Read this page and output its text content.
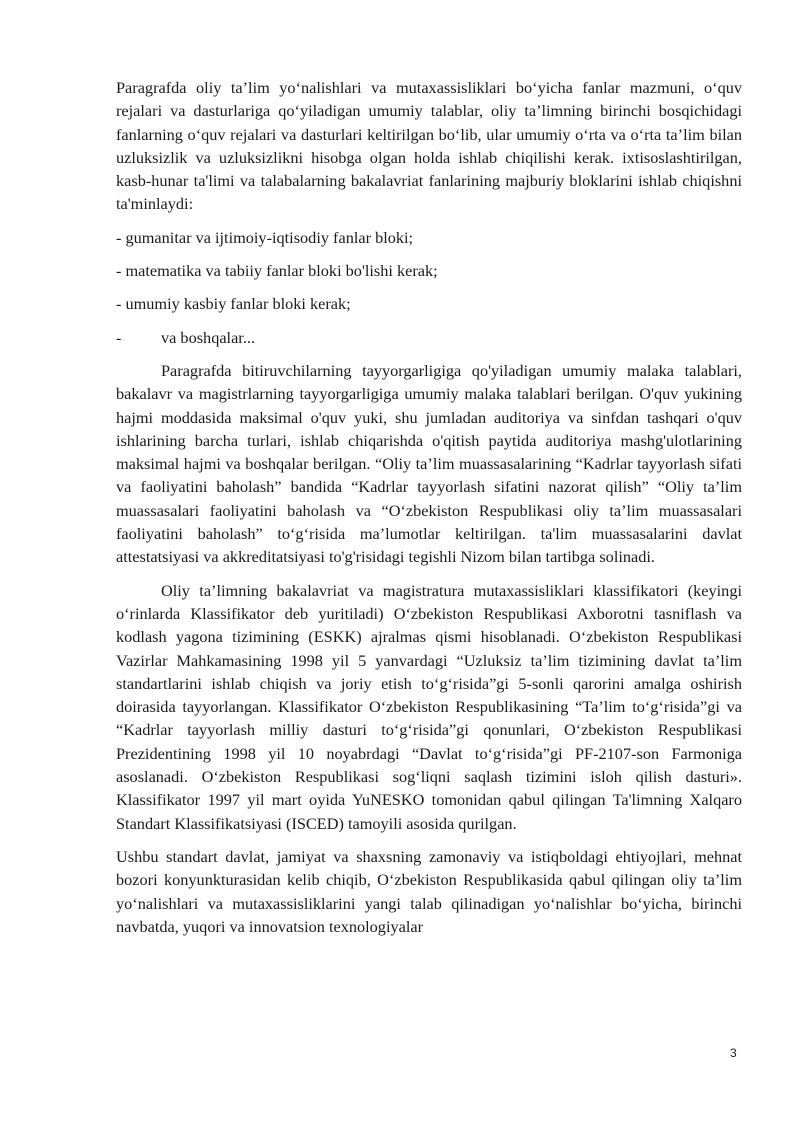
Paragrafda oliy ta’lim yo‘nalishlari va mutaxassisliklari bo‘yicha fanlar mazmuni, o‘quv rejalari va dasturlariga qo‘yiladigan umumiy talablar, oliy ta’limning birinchi bosqichidagi fanlarning o‘quv rejalari va dasturlari keltirilgan bo‘lib, ular umumiy o‘rta va o‘rta ta’lim bilan uzluksizlik va uzluksizlikni hisobga olgan holda ishlab chiqilishi kerak. ixtisoslashtirilgan, kasb-hunar ta'limi va talabalarning bakalavriat fanlarining majburiy bloklarini ishlab chiqishni ta'minlaydi:

- gumanitar va ijtimoiy-iqtisodiy fanlar bloki;
- matematika va tabiiy fanlar bloki bo'lishi kerak;
- umumiy kasbiy fanlar bloki kerak;
- va boshqalar...

Paragrafda bitiruvchilarning tayyorgarligiga qo'yiladigan umumiy malaka talablari, bakalavr va magistrlarning tayyorgarligiga umumiy malaka talablari berilgan. O'quv yukining hajmi moddasida maksimal o'quv yuki, shu jumladan auditoriya va sinfdan tashqari o'quv ishlarining barcha turlari, ishlab chiqarishda o'qitish paytida auditoriya mashg'ulotlarining maksimal hajmi va boshqalar berilgan. “Oliy ta’lim muassasalarining “Kadrlar tayyorlash sifati va faoliyatini baholash” bandida “Kadrlar tayyorlash sifatini nazorat qilish” “Oliy ta’lim muassasalari faoliyatini baholash va “O‘zbekiston Respublikasi oliy ta’lim muassasalari faoliyatini baholash” to‘g‘risida ma’lumotlar keltirilgan. ta'lim muassasalarini davlat attestatsiyasi va akkreditatsiyasi to'g'risidagi tegishli Nizom bilan tartibga solinadi.

Oliy ta’limning bakalavriat va magistratura mutaxassisliklari klassifikatori (keyingi o‘rinlarda Klassifikator deb yuritiladi) O‘zbekiston Respublikasi Axborotni tasniflash va kodlash yagona tizimining (ESKK) ajralmas qismi hisoblanadi. O‘zbekiston Respublikasi Vazirlar Mahkamasining 1998 yil 5 yanvardagi “Uzluksiz ta’lim tizimining davlat ta’lim standartlarini ishlab chiqish va joriy etish to‘g‘risida”gi 5-sonli qarorini amalga oshirish doirasida tayyorlangan. Klassifikator O‘zbekiston Respublikasining “Ta’lim to‘g‘risida”gi va “Kadrlar tayyorlash milliy dasturi to‘g‘risida”gi qonunlari, O‘zbekiston Respublikasi Prezidentining 1998 yil 10 noyabrdagi “Davlat to‘g‘risida”gi PF-2107-son Farmoniga asoslanadi. O‘zbekiston Respublikasi sog‘liqni saqlash tizimini isloh qilish dasturi». Klassifikator 1997 yil mart oyida YuNESKO tomonidan qabul qilingan Ta'limning Xalqaro Standart Klassifikatsiyasi (ISCED) tamoyili asosida qurilgan.

Ushbu standart davlat, jamiyat va shaxsning zamonaviy va istiqboldagi ehtiyojlari, mehnat bozori konyunkturasidan kelib chiqib, O‘zbekiston Respublikasida qabul qilingan oliy ta’lim yo‘nalishlari va mutaxassisliklarini yangi talab qilinadigan yo‘nalishlar bo‘yicha, birinchi navbatda, yuqori va innovatsion texnologiyalar

3
